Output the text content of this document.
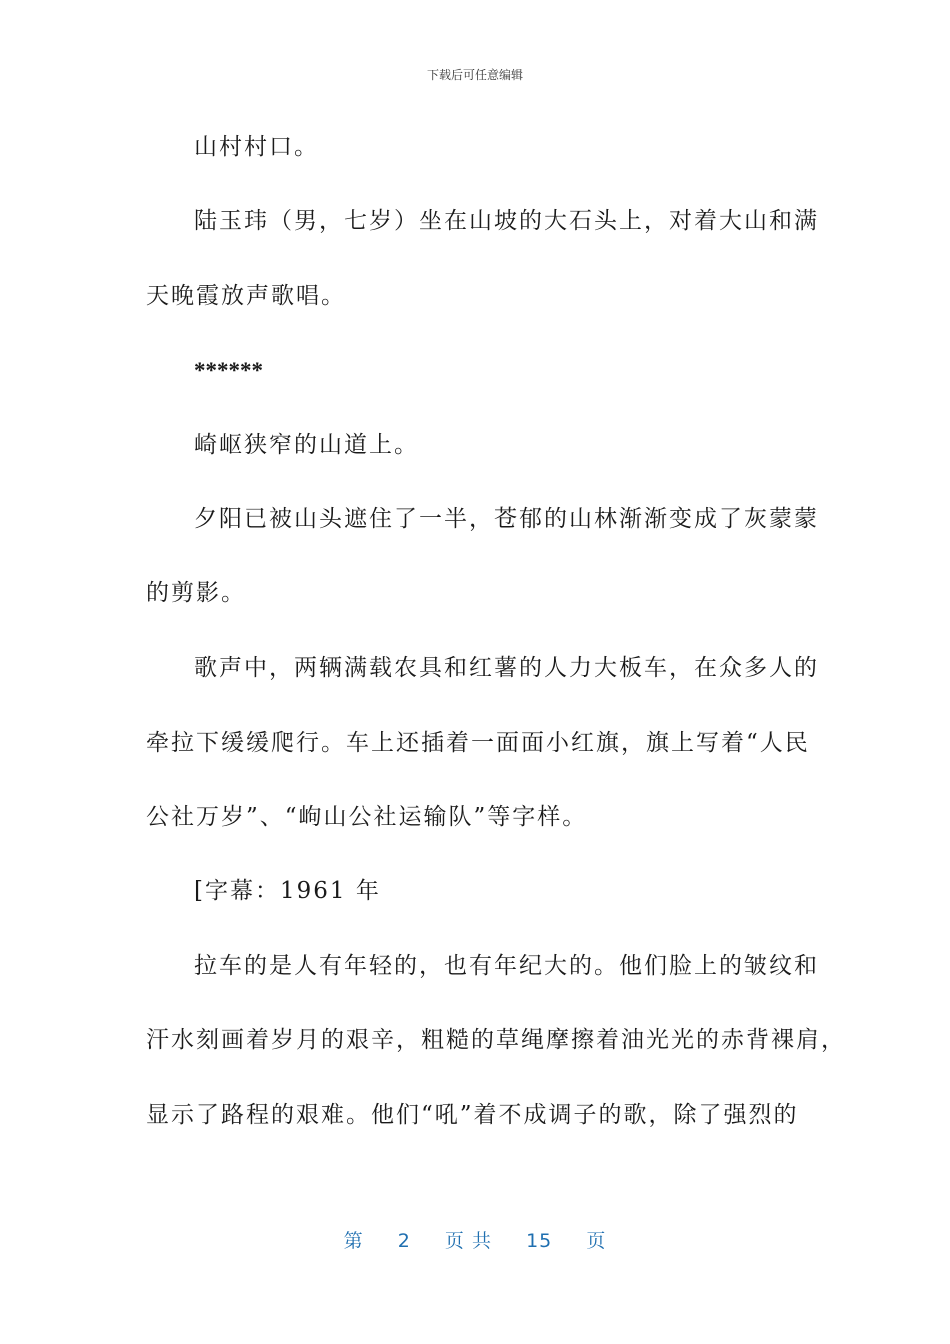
下载后可任意编辑
山村村口。
陆玉玮（男，七岁）坐在山坡的大石头上，对着大山和满
天晚霞放声歌唱。
******
崎岖狭窄的山道上。
夕阳已被山头遮住了一半，苍郁的山林渐渐变成了灰蒙蒙
的剪影。
歌声中，两辆满载农具和红薯的人力大板车，在众多人的
牵拉下缓缓爬行。车上还插着一面面小红旗，旗上写着“人民
公社万岁”、“岣山公社运输队”等字样。
[字幕：1961 年
拉车的是人有年轻的，也有年纪大的。他们脸上的皱纹和
汗水刻画着岁月的艰辛，粗糙的草绳摩擦着油光光的赤背裸肩，
显示了路程的艰难。他们“吼”着不成调子的歌，除了强烈的
第 2 页 共 15 页
